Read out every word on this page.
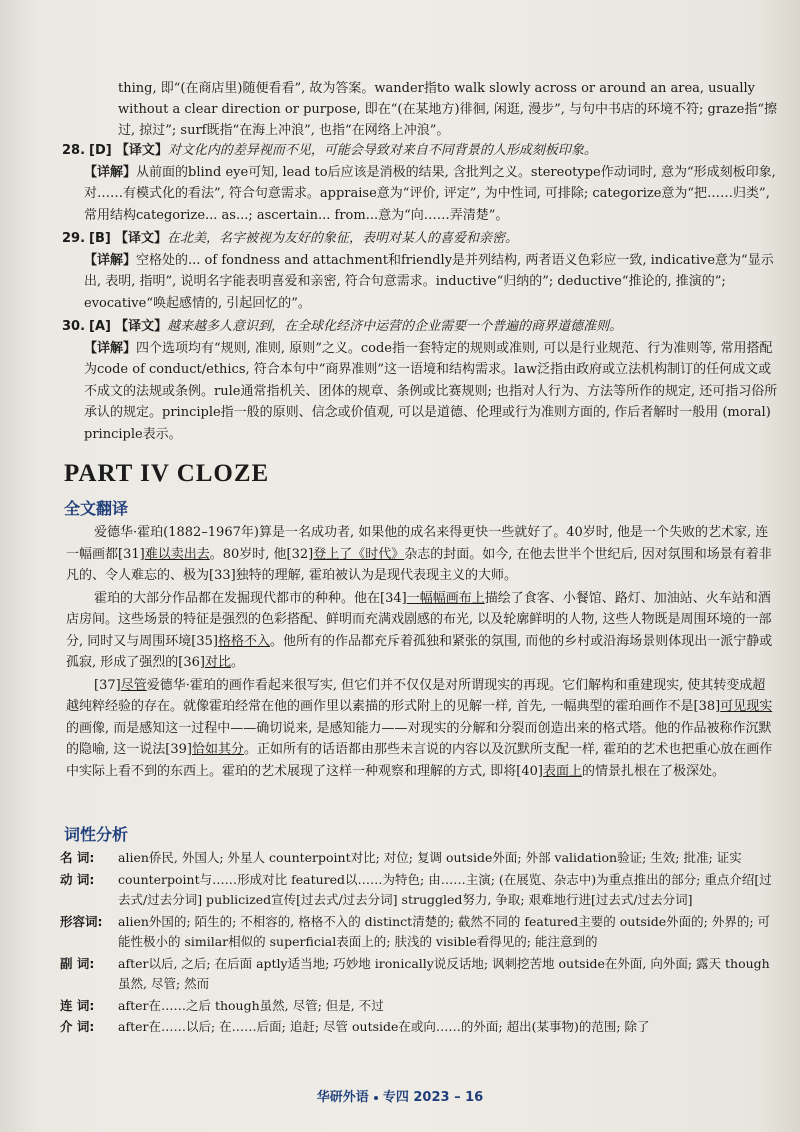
thing, 即“(在商店里)随便看看”, 故为答案。wander指to walk slowly across or around an area, usually without a clear direction or purpose, 即在“(在某地方)徘徊, 闲逛, 漫步”, 与句中书店的环境不符; graze指“擦过, 掠过”; surf既指“在海上冲浪”, 也指“在网络上冲浪”。
28. [D] 【译文】对文化内的差异视而不见，可能会导致对来自不同背景的人形成刻板印象。
【详解】从前面的blind eye可知, lead to后应该是消极的结果, 含批判之义。stereotype作动词时, 意为“形成刻板印象, 对……有模式化的看法”, 符合句意需求。appraise意为“评价, 评定”, 为中性词, 可排除; categorize意为“把……归类”, 常用结构categorize... as...; ascertain... from...意为“向……弄清楚”。
29. [B] 【译文】在北美，名字被视为友好的象征，表明对某人的喜爱和亲密。
【详解】空格处的... of fondness and attachment和friendly是并列结构, 两者语义色彩应一致, indicative意为“显示出, 表明, 指明”, 说明名字能表明喜爱和亲密, 符合句意需求。inductive“归纳的”; deductive“推论的, 推演的”; evocative“唤起感情的, 引起回忆的”。
30. [A] 【译文】越来越多人意识到，在全球化经济中运营的企业需要一个普遍的商界道德准则。
【详解】四个选项均有“规则, 准则, 原则”之义。code指一套特定的规则或准则, 可以是行业规范、行为准则等, 常用搭配为code of conduct/ethics, 符合本句中“商界准则”这一语境和结构需求。law泛指由政府或立法机构制订的任何成文或不成文的法规或条例。rule通常指机关、团体的规章、条例或比赛规则; 也指对人行为、方法等所作的规定, 还可指习俗所承认的规定。principle指一般的原则、信念或价值观, 可以是道德、伦理或行为准则方面的, 作后者解时一般用 (moral) principle表示。
PART IV CLOZE
全文翻译

爱德华·霍珀(1882–1967年)算是一名成功者, 如果他的成名来得更快一些就好了。40岁时, 他是一个失败的艺术家, 连一幅画都[31]难以卖出去。80岁时, 他[32]登上了《时代》杂志的封面。如今, 在他去世半个世纪后, 因对氛围和场景有着非凡的、令人难忘的、极为[33]独特的理解, 霍珀被认为是现代表现主义的大师。

霍珀的大部分作品都在发掘现代都市的种种。他在[34]一幅幅画布上描绘了食客、小餐馆、路灯、加油站、火车站和酒店房间。这些场景的特征是强烈的色彩搭配、鲜明而充满戏剧感的布光, 以及轮廓鲜明的人物, 这些人物既是周围环境的一部分, 同时又与周围环境[35]格格不入。他所有的作品都充斥着孤独和紧张的氛围, 而他的乡村或沿海场景则体现出一派宁静或孤寂, 形成了强烈的[36]对比。

[37]尽管爱德华·霍珀的画作看起来很写实, 但它们并不仅仅是对所谓现实的再现。它们解构和重建现实, 使其转变成超越纯粹经验的存在。就像霍珀经常在他的画作里以素描的形式附上的见解一样, 首先, 一幅典型的霍珀画作不是[38]可见现实的画像, 而是感知这一过程中——确切说来, 是感知能力——对现实的分解和分裂而创造出来的格式塔。他的作品被称作沉默的隐喻, 这一说法[39]恰如其分。正如所有的话语都由那些未言说的内容以及沉默所支配一样, 霍珀的艺术也把重心放在画作中实际上看不到的东西上。霍珀的艺术展现了这样一种观察和理解的方式, 即将[40]表面上的情景扎根在了极深处。

词性分析
名 词:	alien侨民, 外国人; 外星人 counterpoint对比; 对位; 复调 outside外面; 外部 validation验证; 生效; 批准; 证实
动 词:	counterpoint与……形成对比 featured以……为特色; 由……主演; (在展览、杂志中)为重点推出的部分; 重点介绍[过去式/过去分词] publicized宣传[过去式/过去分词] struggled努力, 争取; 艰难地行进[过去式/过去分词]
形容词:	alien外国的; 陌生的; 不相容的, 格格不入的 distinct清楚的; 截然不同的 featured主要的 outside外面的; 外界的; 可能性极小的 similar相似的 superficial表面上的; 肤浅的 visible看得见的; 能注意到的
副 词:	after以后, 之后; 在后面 aptly适当地; 巧妙地 ironically说反话地; 讽刺挖苦地 outside在外面, 向外面; 露天 though虽然, 尽管; 然而
连 词:	after在……之后 though虽然, 尽管; 但是, 不过
介 词:	after在……以后; 在……后面; 追赶; 尽管 outside在或向……的外面; 超出(某事物)的范围; 除了
华研外语 专四 2023 – 16
